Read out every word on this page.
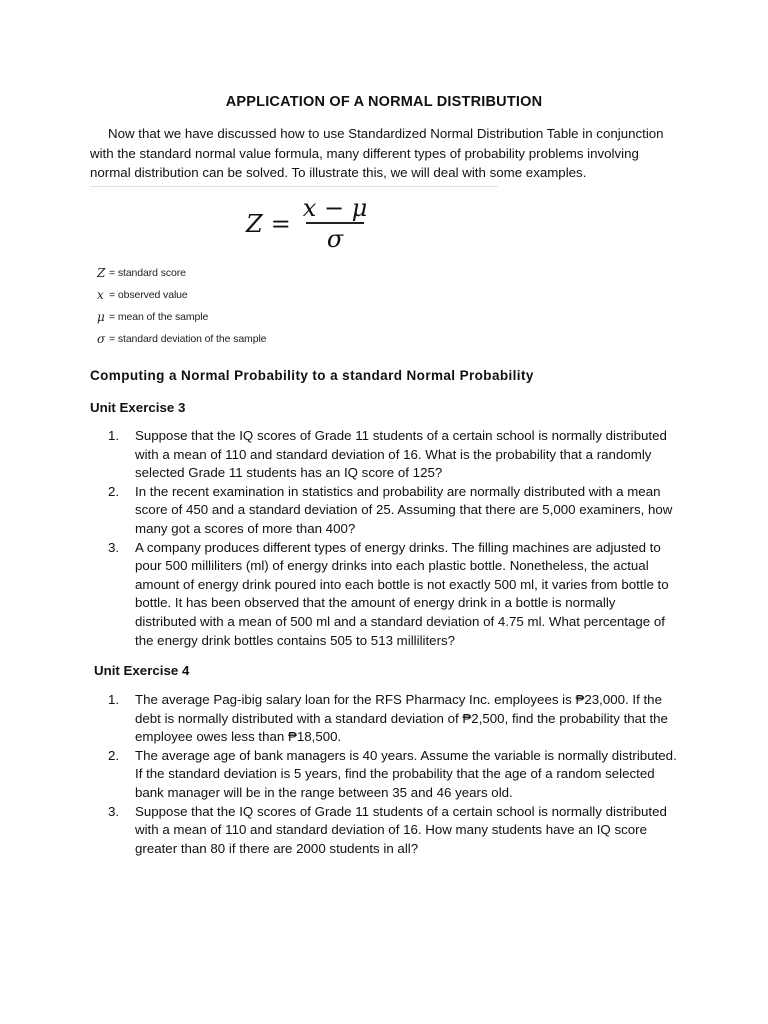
APPLICATION OF A NORMAL DISTRIBUTION

Now that we have discussed how to use Standardized Normal Distribution Table in conjunction with the standard normal value formula, many different types of probability problems involving normal distribution can be solved. To illustrate this, we will deal with some examples.

$Z = \frac{x - \mu}{\sigma}$
Z = standard score
x = observed value
μ = mean of the sample
σ = standard deviation of the sample
Computing a Normal Probability to a standard Normal Probability

Unit Exercise 3

1. Suppose that the IQ scores of Grade 11 students of a certain school is normally distributed with a mean of 110 and standard deviation of 16. What is the probability that a randomly selected Grade 11 students has an IQ score of 125?
2. In the recent examination in statistics and probability are normally distributed with a mean score of 450 and a standard deviation of 25. Assuming that there are 5,000 examiners, how many got a scores of more than 400?
3. A company produces different types of energy drinks. The filling machines are adjusted to pour 500 milliliters (ml) of energy drinks into each plastic bottle. Nonetheless, the actual amount of energy drink poured into each bottle is not exactly 500 ml, it varies from bottle to bottle. It has been observed that the amount of energy drink in a bottle is normally distributed with a mean of 500 ml and a standard deviation of 4.75 ml. What percentage of the energy drink bottles contains 505 to 513 milliliters?

Unit Exercise 4

1. The average Pag-ibig salary loan for the RFS Pharmacy Inc. employees is ₱23,000. If the debt is normally distributed with a standard deviation of ₱2,500, find the probability that the employee owes less than ₱18,500.
2. The average age of bank managers is 40 years. Assume the variable is normally distributed. If the standard deviation is 5 years, find the probability that the age of a random selected bank manager will be in the range between 35 and 46 years old.
3. Suppose that the IQ scores of Grade 11 students of a certain school is normally distributed with a mean of 110 and standard deviation of 16. How many students have an IQ score greater than 80 if there are 2000 students in all?
